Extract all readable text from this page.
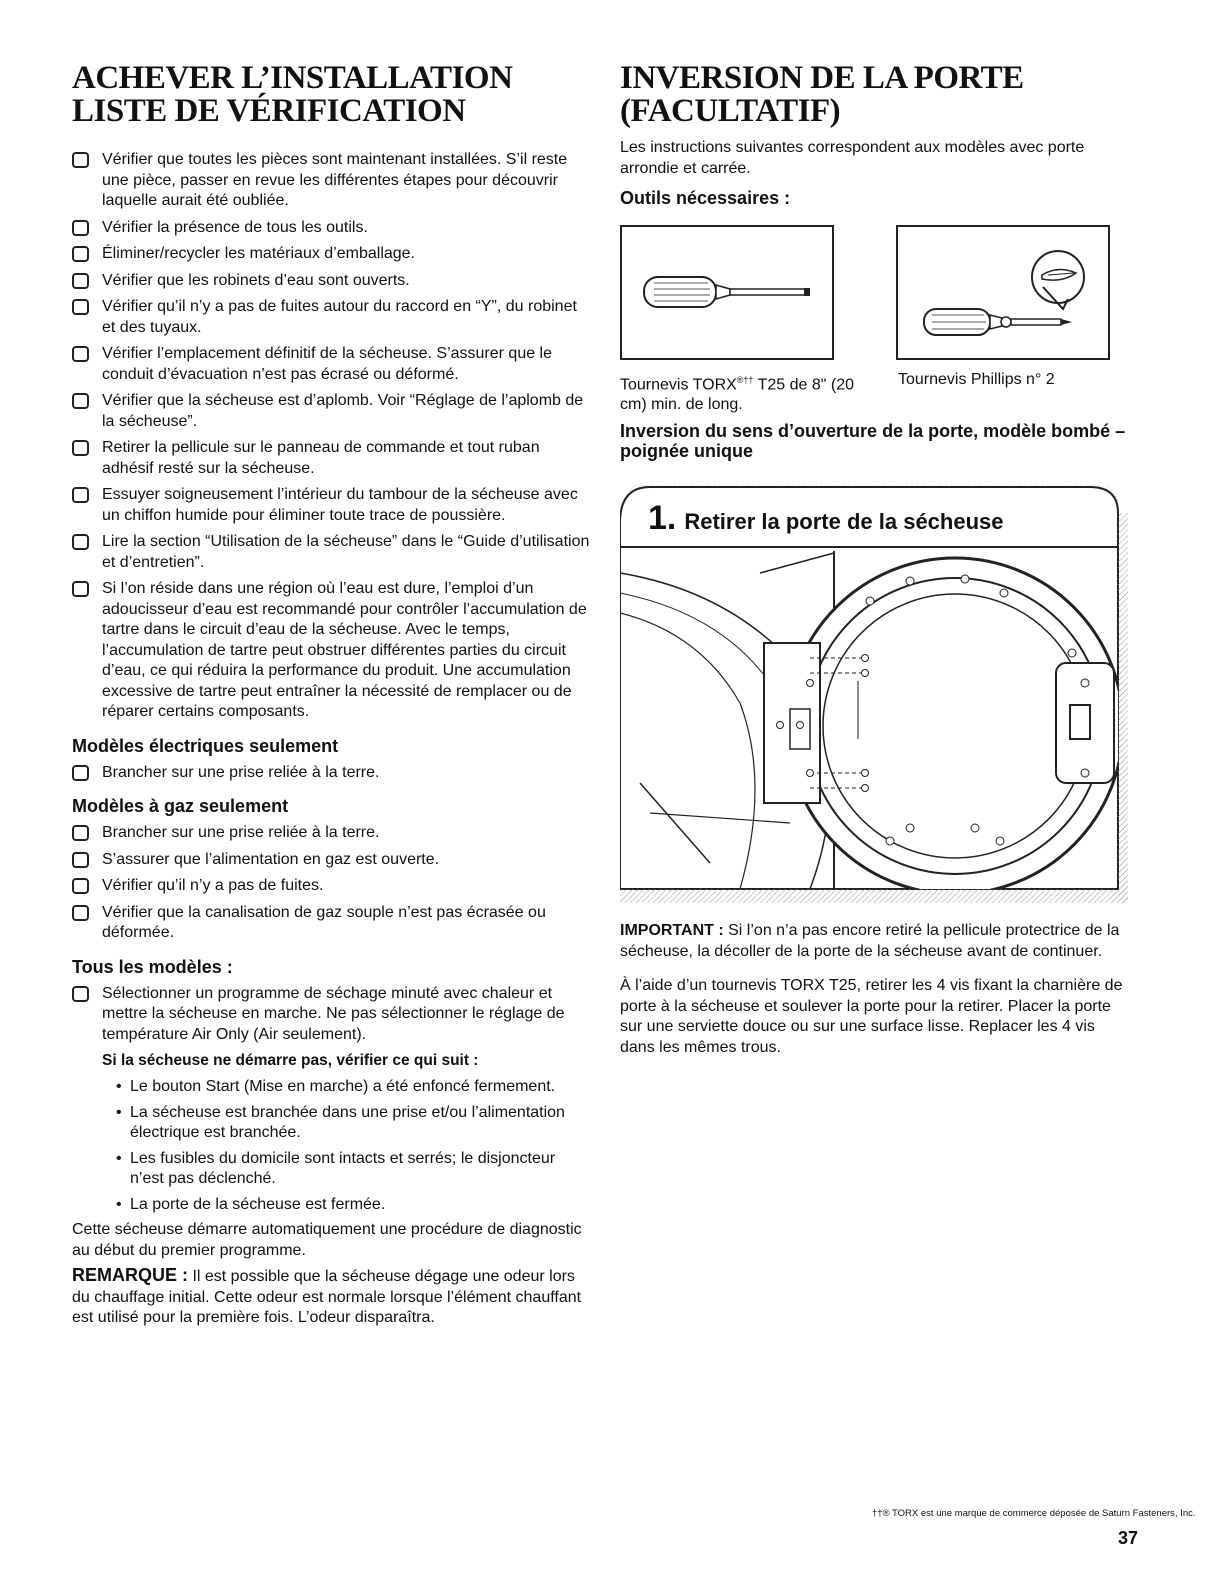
ACHEVER L’INSTALLATION
LISTE DE VÉRIFICATION
Vérifier que toutes les pièces sont maintenant installées. S’il reste une pièce, passer en revue les différentes étapes pour découvrir laquelle aurait été oubliée.
Vérifier la présence de tous les outils.
Éliminer/recycler les matériaux d’emballage.
Vérifier que les robinets d’eau sont ouverts.
Vérifier qu’il n’y a pas de fuites autour du raccord en “Y”, du robinet et des tuyaux.
Vérifier l’emplacement définitif de la sécheuse. S’assurer que le conduit d’évacuation n’est pas écrasé ou déformé.
Vérifier que la sécheuse est d’aplomb. Voir “Réglage de l’aplomb de la sécheuse”.
Retirer la pellicule sur le panneau de commande et tout ruban adhésif resté sur la sécheuse.
Essuyer soigneusement l’intérieur du tambour de la sécheuse avec un chiffon humide pour éliminer toute trace de poussière.
Lire la section “Utilisation de la sécheuse” dans le “Guide d’utilisation et d’entretien”.
Si l’on réside dans une région où l’eau est dure, l’emploi d’un adoucisseur d’eau est recommandé pour contrôler l’accumulation de tartre dans le circuit d’eau de la sécheuse. Avec le temps, l’accumulation de tartre peut obstruer différentes parties du circuit d’eau, ce qui réduira la performance du produit. Une accumulation excessive de tartre peut entraîner la nécessité de remplacer ou de réparer certains composants.
Modèles électriques seulement
Brancher sur une prise reliée à la terre.
Modèles à gaz seulement
Brancher sur une prise reliée à la terre.
S’assurer que l’alimentation en gaz est ouverte.
Vérifier qu’il n’y a pas de fuites.
Vérifier que la canalisation de gaz souple n’est pas écrasée ou déformée.
Tous les modèles :
Sélectionner un programme de séchage minuté avec chaleur et mettre la sécheuse en marche. Ne pas sélectionner le réglage de température Air Only (Air seulement).
Si la sécheuse ne démarre pas, vérifier ce qui suit :
• Le bouton Start (Mise en marche) a été enfoncé fermement.
• La sécheuse est branchée dans une prise et/ou l’alimentation électrique est branchée.
• Les fusibles du domicile sont intacts et serrés; le disjoncteur n’est pas déclenché.
• La porte de la sécheuse est fermée.

Cette sécheuse démarre automatiquement une procédure de diagnostic au début du premier programme.

REMARQUE : Il est possible que la sécheuse dégage une odeur lors du chauffage initial. Cette odeur est normale lorsque l’élément chauffant est utilisé pour la première fois. L’odeur disparaîtra.

INVERSION DE LA PORTE
(FACULTATIF)

Les instructions suivantes correspondent aux modèles avec porte arrondie et carrée.

Outils nécessaires :
Tournevis TORX®†† T25 de 8" (20 cm) min. de long.
Tournevis Phillips n° 2
Inversion du sens d’ouverture de la porte, modèle bombé – poignée unique
1. Retirer la porte de la sécheuse

IMPORTANT : Si l’on n’a pas encore retiré la pellicule protectrice de la sécheuse, la décoller de la porte de la sécheuse avant de continuer.

À l’aide d’un tournevis TORX T25, retirer les 4 vis fixant la charnière de porte à la sécheuse et soulever la porte pour la retirer. Placer la porte sur une serviette douce ou sur une surface lisse. Replacer les 4 vis dans les mêmes trous.

††® TORX est une marque de commerce déposée de Saturn Fasteners, Inc.
37
